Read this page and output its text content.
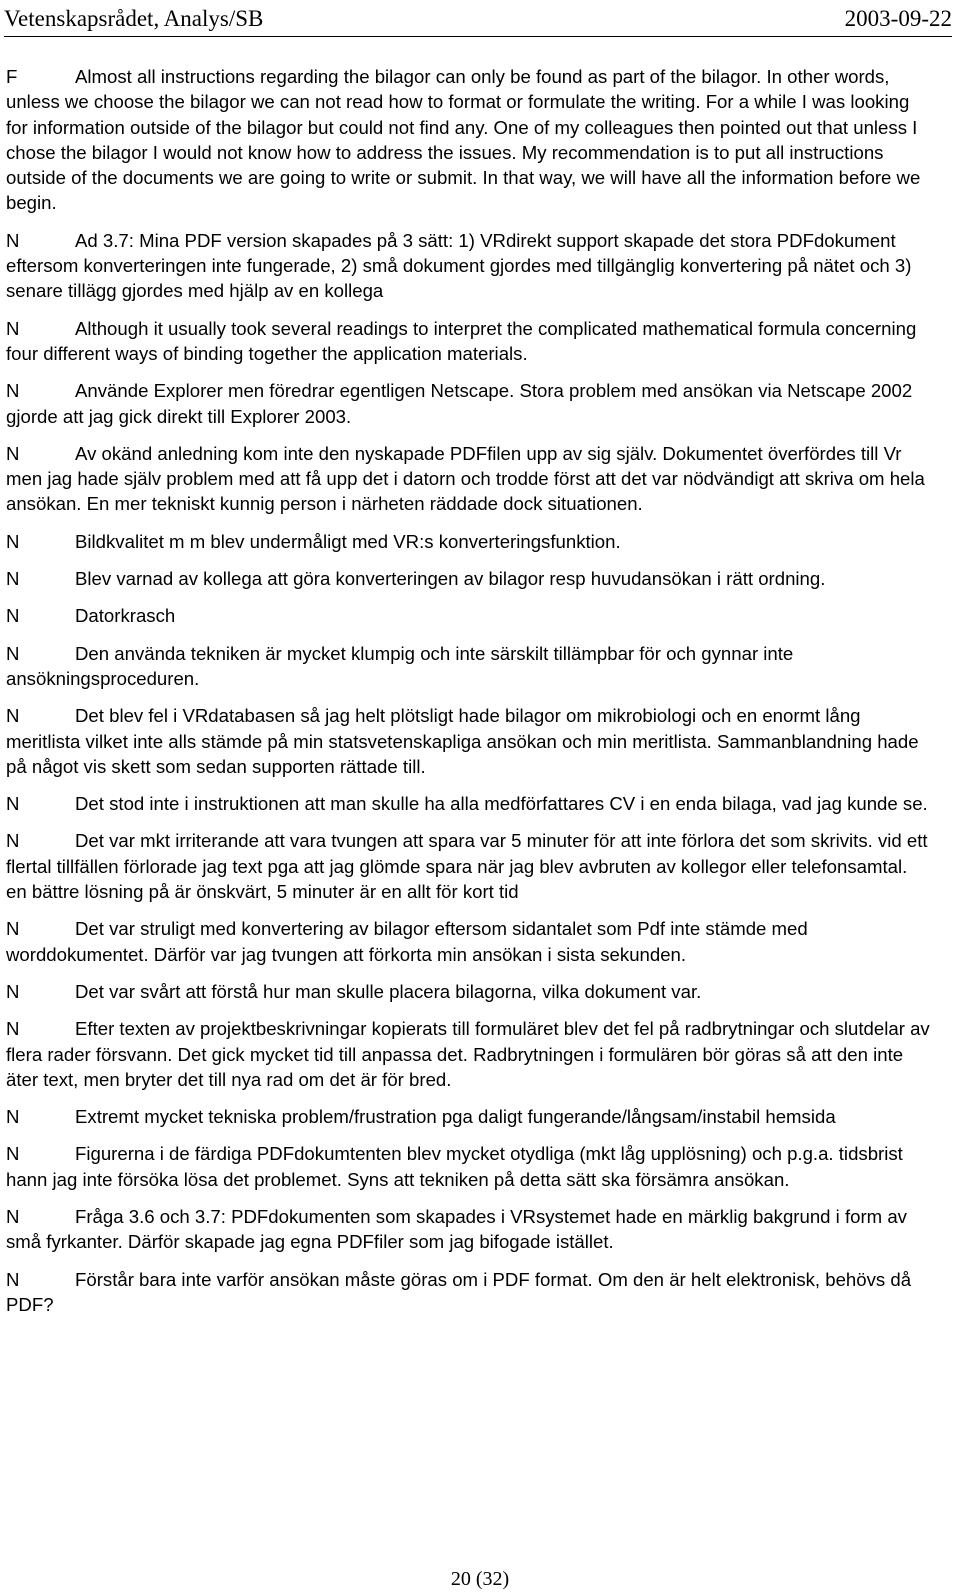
Vetenskapsrådet, Analys/SB	2003-09-22

F	Almost all instructions regarding the bilagor can only be found as part of the bilagor. In other words, unless we choose the bilagor we can not read how to format or formulate the writing. For a while I was looking for information outside of the bilagor but could not find any. One of my colleagues then pointed out that unless I chose the bilagor I would not know how to address the issues. My recommendation is to put all instructions outside of the documents we are going to write or submit. In that way, we will have all the information before we begin.

N	Ad 3.7: Mina PDF version skapades på 3 sätt: 1) VRdirekt support skapade det stora PDFdokument eftersom konverteringen inte fungerade, 2) små dokument gjordes med tillgänglig konvertering på nätet och 3) senare tillägg gjordes med hjälp av en kollega

N	Although it usually took several readings to interpret the complicated mathematical formula concerning four different ways of binding together the application materials.

N	Använde Explorer men föredrar egentligen Netscape. Stora problem med ansökan via Netscape 2002 gjorde att jag gick direkt till Explorer 2003.

N	Av okänd anledning kom inte den nyskapade PDFfilen upp av sig själv. Dokumentet överfördes till Vr men jag hade själv problem med att få upp det i datorn och trodde först att det var nödvändigt att skriva om hela ansökan. En mer tekniskt kunnig person i närheten räddade dock situationen.

N	Bildkvalitet m m blev undermåligt med VR:s konverteringsfunktion.

N	Blev varnad av kollega att göra konverteringen av bilagor resp huvudansökan i rätt ordning.

N	Datorkrasch

N	Den använda tekniken är mycket klumpig och inte särskilt tillämpbar för och gynnar inte ansökningsproceduren.

N	Det blev fel i VRdatabasen så jag helt plötsligt hade bilagor om mikrobiologi och en enormt lång meritlista vilket inte alls stämde på min statsvetenskapliga ansökan och min meritlista. Sammanblandning hade på något vis skett som sedan supporten rättade till.

N	Det stod inte i instruktionen att man skulle ha alla medförfattares CV i en enda bilaga, vad jag kunde se.

N	Det var mkt irriterande att vara tvungen att spara var 5 minuter för att inte förlora det som skrivits. vid ett flertal tillfällen förlorade jag text pga att jag glömde spara när jag blev avbruten av kollegor eller telefonsamtal. en bättre lösning på är önskvärt, 5 minuter är en allt för kort tid

N	Det var struligt med konvertering av bilagor eftersom sidantalet som Pdf inte stämde med worddokumentet. Därför var jag tvungen att förkorta min ansökan i sista sekunden.

N	Det var svårt att förstå hur man skulle placera bilagorna, vilka dokument var.

N	Efter texten av projektbeskrivningar kopierats till formuläret blev det fel på radbrytningar och slutdelar av flera rader försvann. Det gick mycket tid till anpassa det. Radbrytningen i formulären bör göras så att den inte äter text, men bryter det till nya rad om det är för bred.

N	Extremt mycket tekniska problem/frustration pga daligt fungerande/långsam/instabil hemsida

N	Figurerna i de färdiga PDFdokumtenten blev mycket otydliga (mkt låg upplösning) och p.g.a. tidsbrist hann jag inte försöka lösa det problemet. Syns att tekniken på detta sätt ska försämra ansökan.

N	Fråga 3.6 och 3.7: PDFdokumenten som skapades i VRsystemet hade en märklig bakgrund i form av små fyrkanter. Därför skapade jag egna PDFfiler som jag bifogade istället.

N	Förstår bara inte varför ansökan måste göras om i PDF format. Om den är helt elektronisk, behövs då PDF?

20 (32)
